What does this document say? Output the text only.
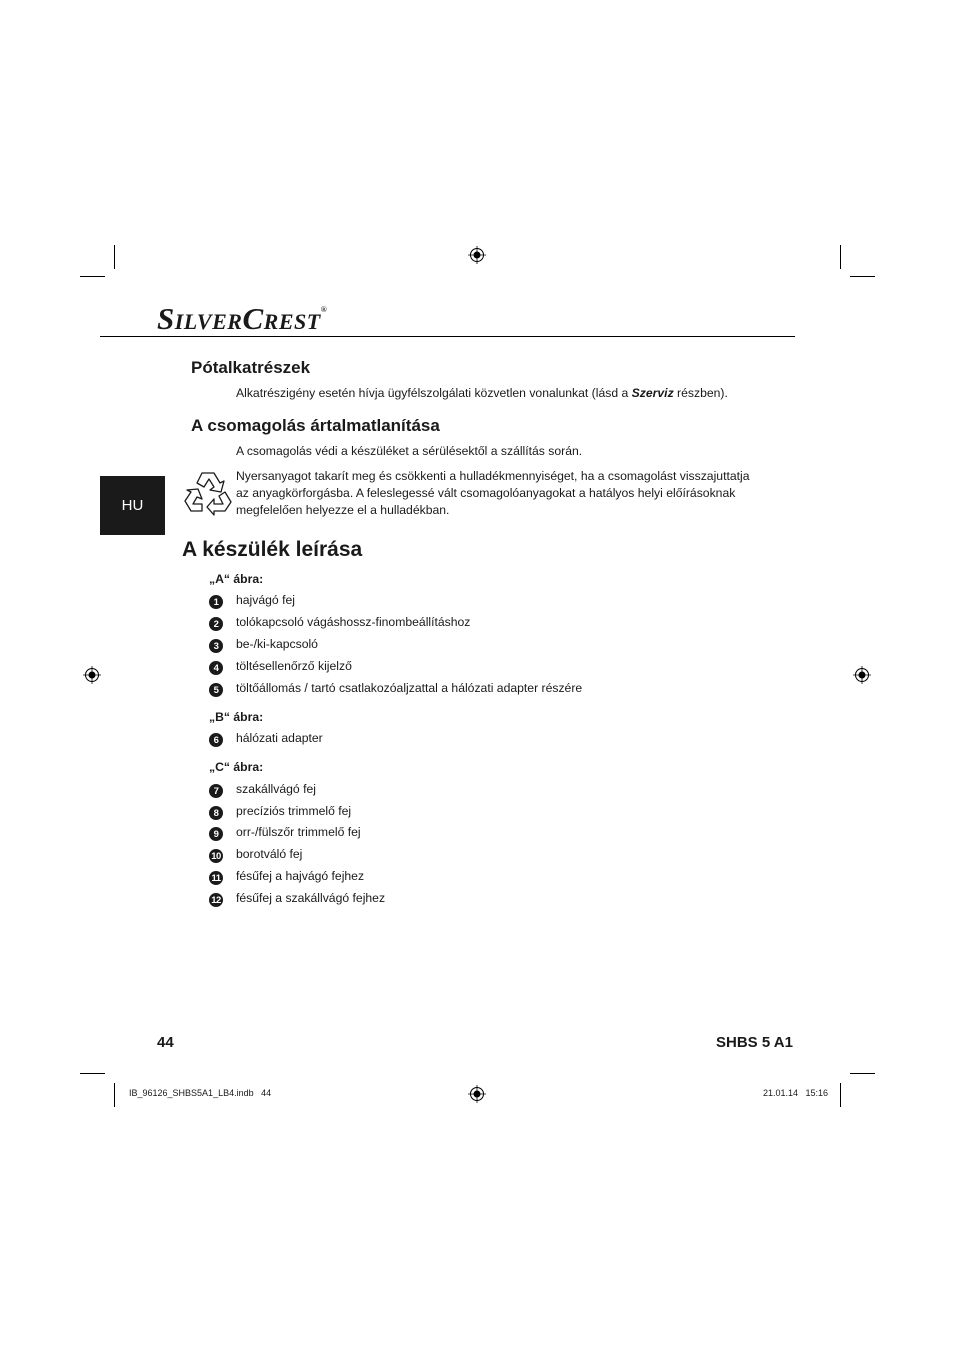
SILVERCREST®
HU
Pótalkatrészek
Alkatrészigény esetén hívja ügyfélszolgálati közvetlen vonalunkat (lásd a Szerviz részben).
A csomagolás ártalmatlanítása
A csomagolás védi a készüléket a sérülésektől a szállítás során.
Nyersanyagot takarít meg és csökkenti a hulladékmennyiséget, ha a csomagolást visszajuttatja
az anyagkörforgásba. A feleslegessé vált csomagolóanyagokat a hatályos helyi előírásoknak
megfelelően helyezze el a hulladékban.
A készülék leírása
„A“ ábra:
1	hajvágó fej
2	tolókapcsoló vágáshossz-finombeállításhoz
3	be-/ki-kapcsoló
4	töltésellenőrző kijelző
5	töltőállomás / tartó csatlakozóaljzattal a hálózati adapter részére
„B“ ábra:
6	hálózati adapter
„C“ ábra:
7	szakállvágó fej
8	precíziós trimmelő fej
9	orr-/fülszőr trimmelő fej
10 borotváló fej
11 fésűfej a hajvágó fejhez
12 fésűfej a szakállvágó fejhez
44	SHBS 5 A1
IB_96126_SHBS5A1_LB4.indb   44	21.01.14   15:16
